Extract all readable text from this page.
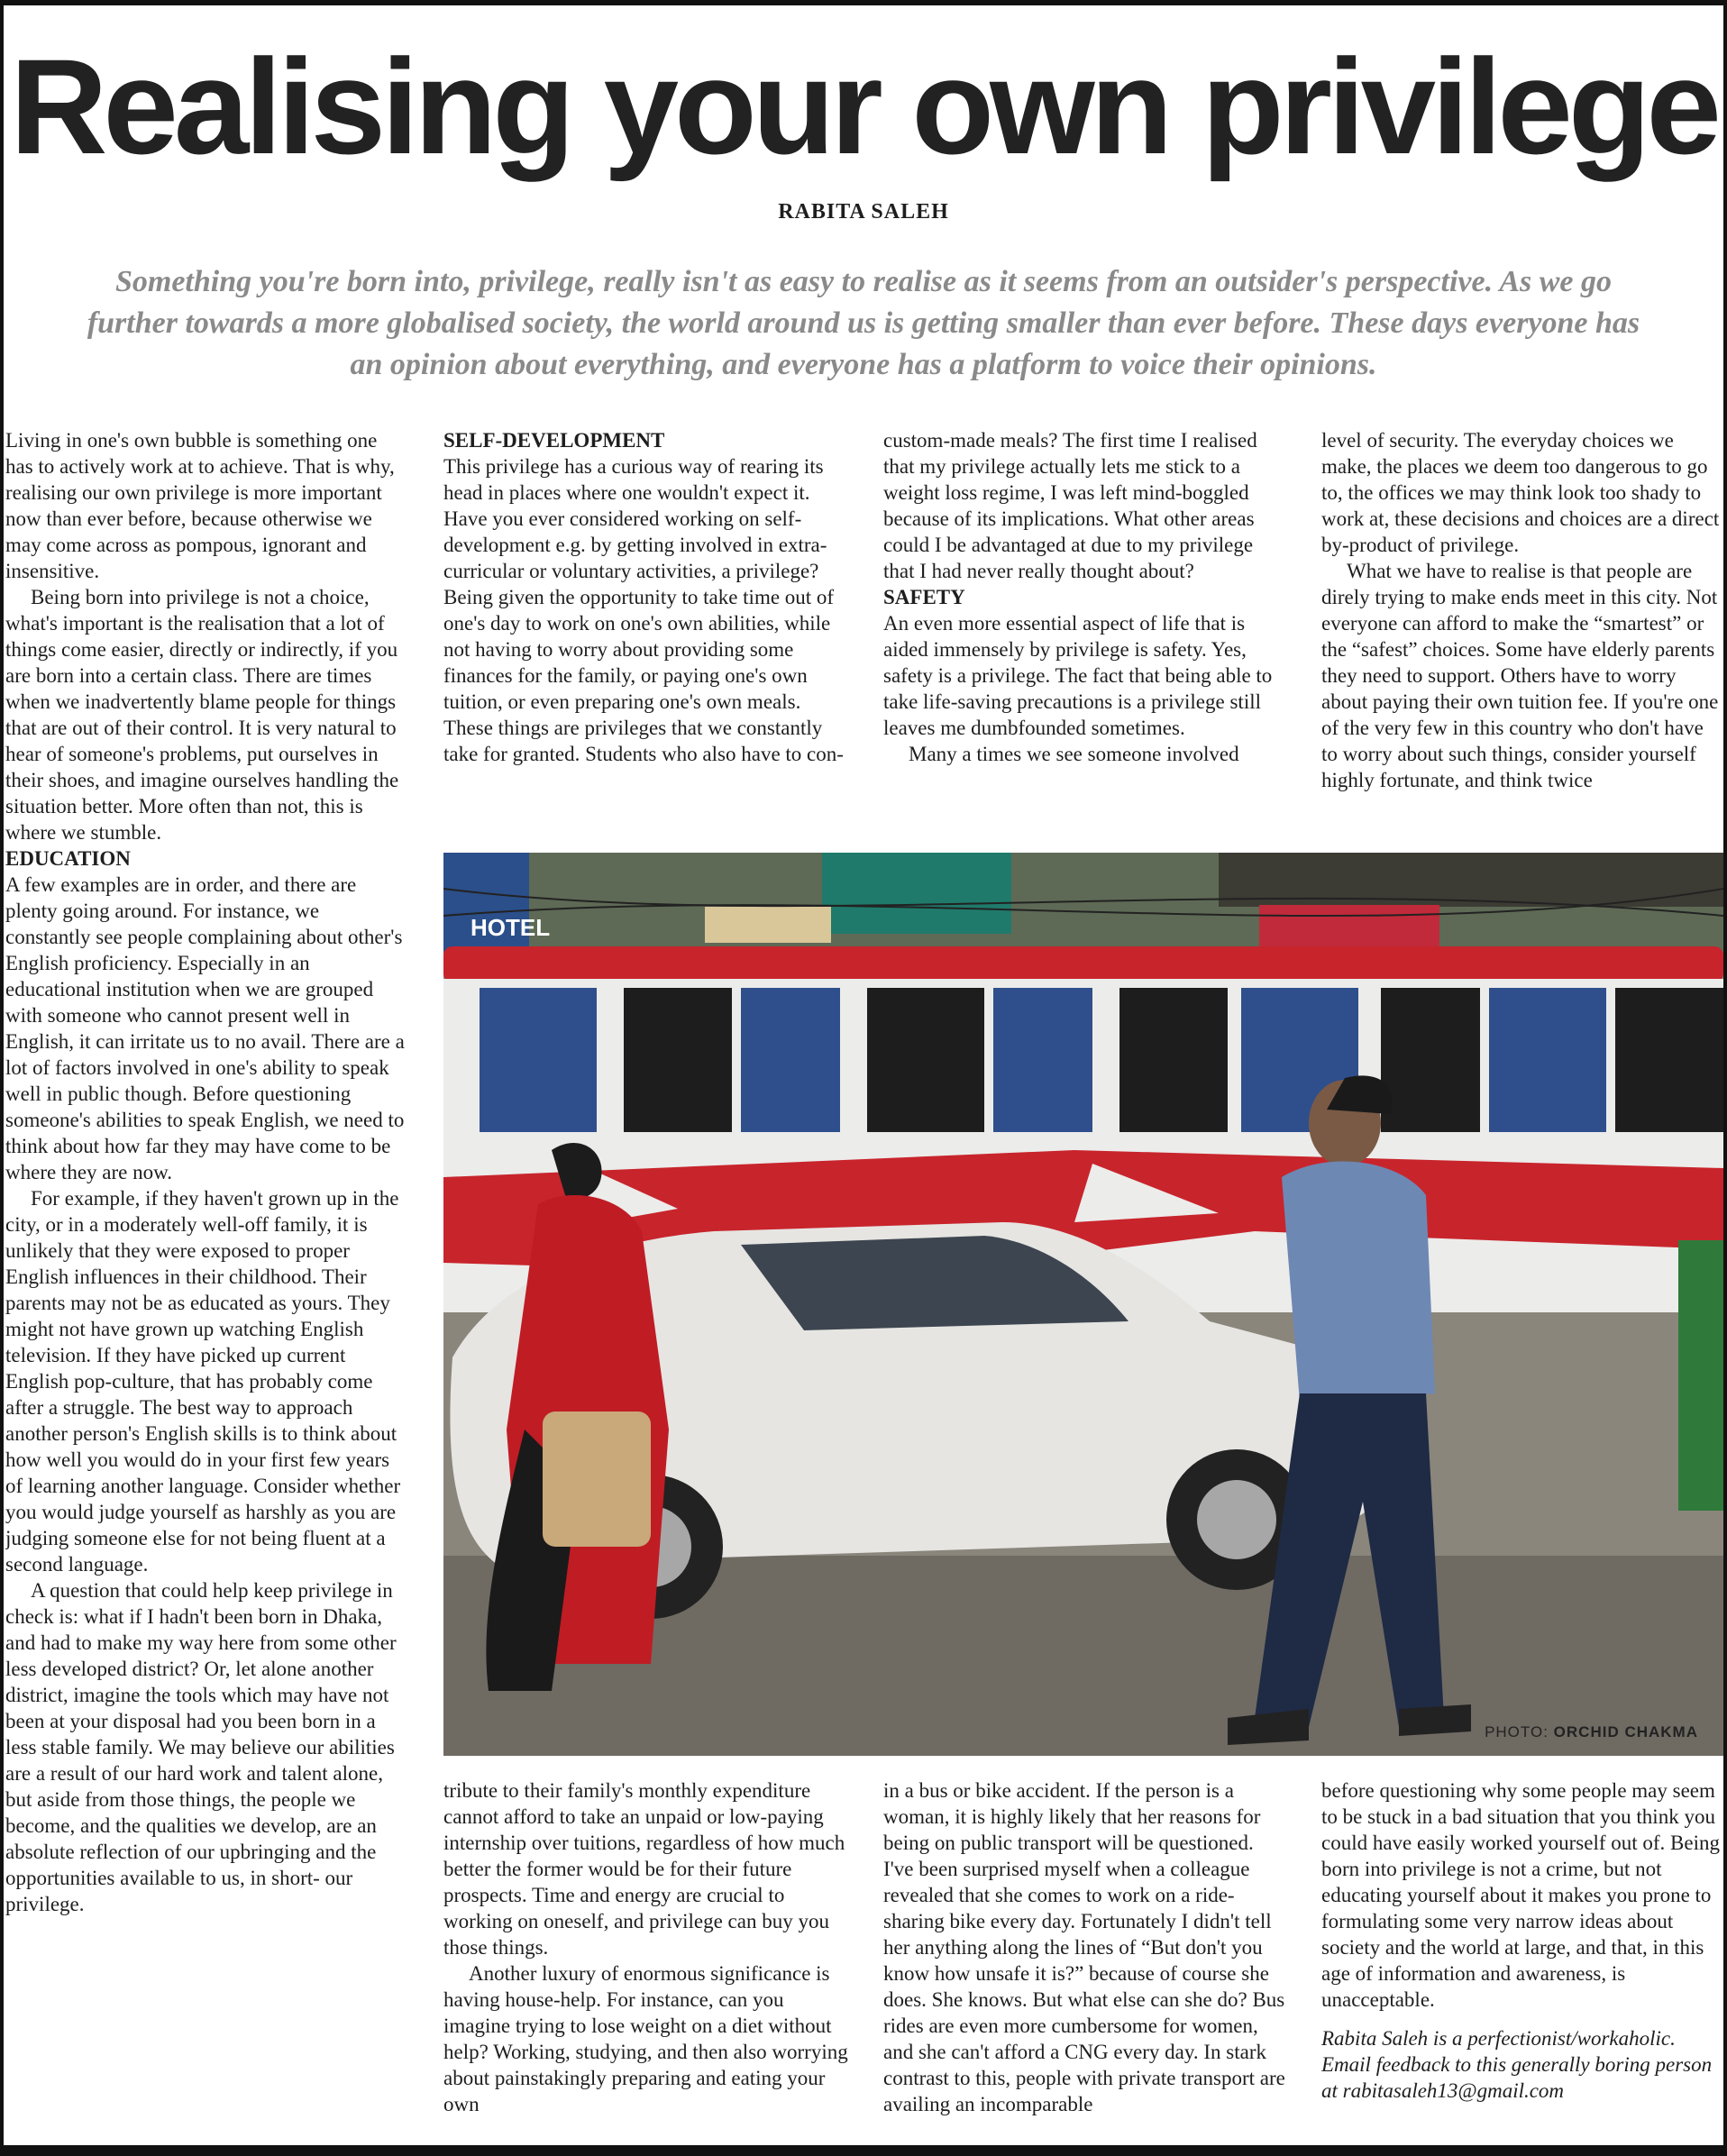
Realising your own privilege
RABITA SALEH

Something you're born into, privilege, really isn't as easy to realise as it seems from an outsider's perspective. As we go further towards a more globalised society, the world around us is getting smaller than ever before. These days everyone has an opinion about everything, and everyone has a platform to voice their opinions.

Living in one's own bubble is something one has to actively work at to achieve. That is why, realising our own privilege is more important now than ever before, because otherwise we may come across as pompous, ignorant and insensitive.

Being born into privilege is not a choice, what's important is the realisation that a lot of things come easier, directly or indirectly, if you are born into a certain class. There are times when we inadvertently blame people for things that are out of their control. It is very natural to hear of someone's problems, put ourselves in their shoes, and imagine ourselves handling the situation better. More often than not, this is where we stumble.

EDUCATION

A few examples are in order, and there are plenty going around. For instance, we constantly see people complaining about other's English proficiency. Especially in an educational institution when we are grouped with someone who cannot present well in English, it can irritate us to no avail. There are a lot of factors involved in one's ability to speak well in public though. Before questioning someone's abilities to speak English, we need to think about how far they may have come to be where they are now.

For example, if they haven't grown up in the city, or in a moderately well-off family, it is unlikely that they were exposed to proper English influences in their childhood. Their parents may not be as educated as yours. They might not have grown up watching English television. If they have picked up current English pop-culture, that has probably come after a struggle. The best way to approach another person's English skills is to think about how well you would do in your first few years of learning another language. Consider whether you would judge yourself as harshly as you are judging someone else for not being fluent at a second language.

A question that could help keep privilege in check is: what if I hadn't been born in Dhaka, and had to make my way here from some other less developed district? Or, let alone another district, imagine the tools which may have not been at your disposal had you been born in a less stable family. We may believe our abilities are a result of our hard work and talent alone, but aside from those things, the people we become, and the qualities we develop, are an absolute reflection of our upbringing and the opportunities available to us, in short- our privilege.

SELF-DEVELOPMENT

This privilege has a curious way of rearing its head in places where one wouldn't expect it. Have you ever considered working on self-development e.g. by getting involved in extra-curricular or voluntary activities, a privilege? Being given the opportunity to take time out of one's day to work on one's own abilities, while not having to worry about providing some finances for the family, or paying one's own tuition, or even preparing one's own meals. These things are privileges that we constantly take for granted. Students who also have to con-

custom-made meals? The first time I realised that my privilege actually lets me stick to a weight loss regime, I was left mind-boggled because of its implications. What other areas could I be advantaged at due to my privilege that I had never really thought about?

SAFETY

An even more essential aspect of life that is aided immensely by privilege is safety. Yes, safety is a privilege. The fact that being able to take life-saving precautions is a privilege still leaves me dumbfounded sometimes.

Many a times we see someone involved

level of security. The everyday choices we make, the places we deem too dangerous to go to, the offices we may think look too shady to work at, these decisions and choices are a direct by-product of privilege.

What we have to realise is that people are direly trying to make ends meet in this city. Not everyone can afford to make the “smartest” or the “safest” choices. Some have elderly parents they need to support. Others have to worry about paying their own tuition fee. If you're one of the very few in this country who don't have to worry about such things, consider yourself highly fortunate, and think twice

HOTEL
PHOTO: ORCHID CHAKMA

tribute to their family's monthly expenditure cannot afford to take an unpaid or low-paying internship over tuitions, regardless of how much better the former would be for their future prospects. Time and energy are crucial to working on oneself, and privilege can buy you those things.

Another luxury of enormous significance is having house-help. For instance, can you imagine trying to lose weight on a diet without help? Working, studying, and then also worrying about painstakingly preparing and eating your own

in a bus or bike accident. If the person is a woman, it is highly likely that her reasons for being on public transport will be questioned. I've been surprised myself when a colleague revealed that she comes to work on a ride-sharing bike every day. Fortunately I didn't tell her anything along the lines of “But don't you know how unsafe it is?” because of course she does. She knows. But what else can she do? Bus rides are even more cumbersome for women, and she can't afford a CNG every day. In stark contrast to this, people with private transport are availing an incomparable

before questioning why some people may seem to be stuck in a bad situation that you think you could have easily worked yourself out of. Being born into privilege is not a crime, but not educating yourself about it makes you prone to formulating some very narrow ideas about society and the world at large, and that, in this age of information and awareness, is unacceptable.

Rabita Saleh is a perfectionist/workaholic. Email feedback to this generally boring person at rabitasaleh13@gmail.com
